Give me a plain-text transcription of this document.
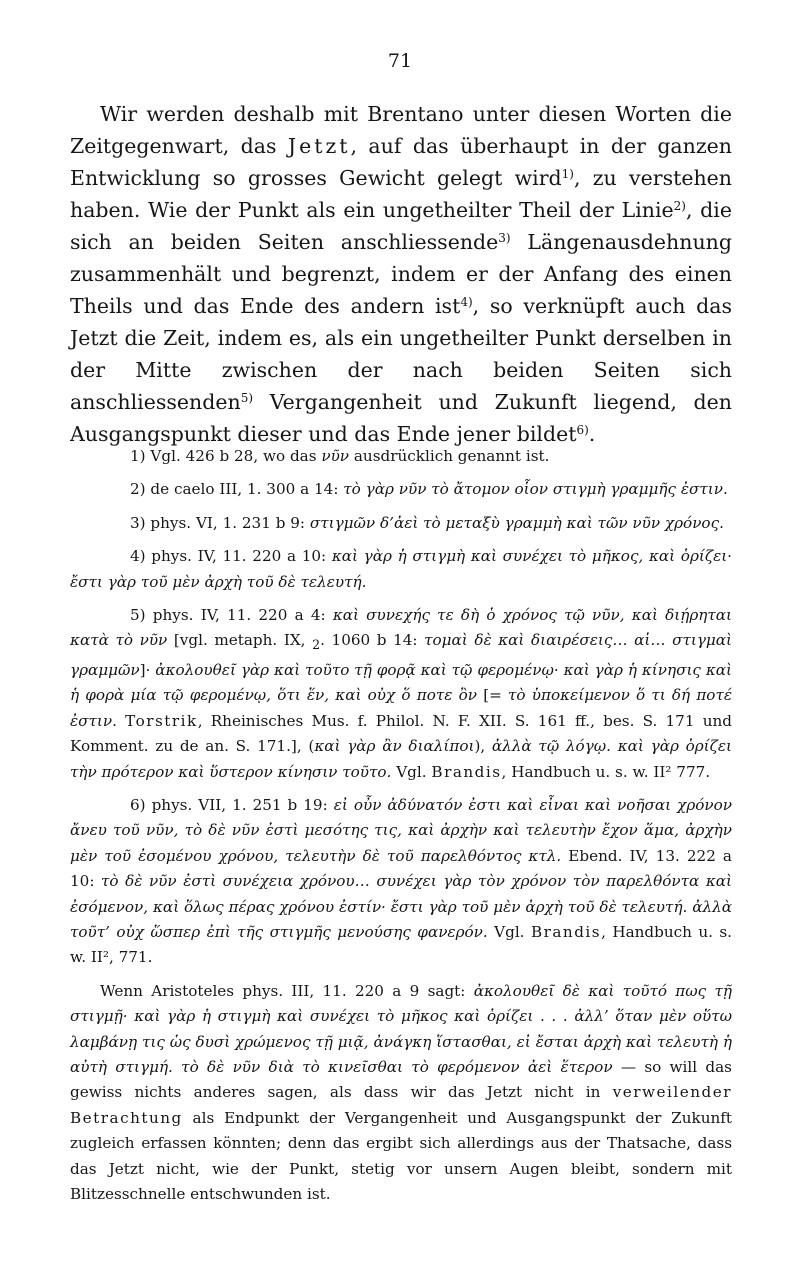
71

Wir werden deshalb mit Brentano unter diesen Worten die Zeitgegenwart, das Jetzt, auf das überhaupt in der ganzen Entwicklung so grosses Gewicht gelegt wird$^{1)}$, zu verstehen haben. Wie der Punkt als ein ungetheilter Theil der Linie$^{2)}$, die sich an beiden Seiten anschliessende$^{3)}$ Längenausdehnung zusammenhält und begrenzt, indem er der Anfang des einen Theils und das Ende des andern ist$^{4)}$, so verknüpft auch das Jetzt die Zeit, indem es, als ein ungetheilter Punkt derselben in der Mitte zwischen der nach beiden Seiten sich anschliessenden$^{5)}$ Vergangenheit und Zukunft liegend, den Ausgangspunkt dieser und das Ende jener bildet$^{6)}$.

1) Vgl. 426 b 28, wo das νῦν ausdrücklich genannt ist.

2) de caelo III, 1. 300 a 14: τὸ γὰρ νῦν τὸ ἄτομον οἷον στιγμὴ γραμμῆς ἐστιν.

3) phys. VI, 1. 231 b 9: στιγμῶν δ’ἀεὶ τὸ μεταξὺ γραμμὴ καὶ τῶν νῦν χρόνος.

4) phys. IV, 11. 220 a 10: καὶ γὰρ ἡ στιγμὴ καὶ συνέχει τὸ μῆκος, καὶ ὁρίζει· ἔστι γὰρ τοῦ μὲν ἀρχὴ τοῦ δὲ τελευτή.

5) phys. IV, 11. 220 a 4: καὶ συνεχής τε δὴ ὁ χρόνος τῷ νῦν, καὶ διῄρηται κατὰ τὸ νῦν [vgl. metaph. IX, $_2$. 1060 b 14: τομαὶ δὲ καὶ διαιρέσεις… αἱ… στιγμαὶ γραμμῶν]· ἀκολουθεῖ γὰρ καὶ τοῦτο τῇ φορᾷ καὶ τῷ φερομένῳ· καὶ γὰρ ἡ κίνησις καὶ ἡ φορὰ μία τῷ φερομένῳ, ὅτι ἕν, καὶ οὐχ ὅ ποτε ὂν [= τὸ ὑποκείμενον ὅ τι δή ποτέ ἐστιν. Torstrik, Rheinisches Mus. f. Philol. N. F. XII. S. 161 ff., bes. S. 171 und Komment. zu de an. S. 171.], (καὶ γὰρ ἂν διαλίποι), ἀλλὰ τῷ λόγῳ. καὶ γὰρ ὁρίζει τὴν πρότερον καὶ ὕστερον κίνησιν τοῦτο. Vgl. Brandis, Handbuch u. s. w. II² 777.

6) phys. VII, 1. 251 b 19: εἰ οὖν ἀδύνατόν ἐστι καὶ εἶναι καὶ νοῆσαι χρόνον ἄνευ τοῦ νῦν, τὸ δὲ νῦν ἐστὶ μεσότης τις, καὶ ἀρχὴν καὶ τελευτὴν ἔχον ἅμα, ἀρχὴν μὲν τοῦ ἐσομένου χρόνου, τελευτὴν δὲ τοῦ παρελθόντος κτλ. Ebend. IV, 13. 222 a 10: τὸ δὲ νῦν ἐστὶ συνέχεια χρόνου… συνέχει γὰρ τὸν χρόνον τὸν παρελθόντα καὶ ἐσόμενον, καὶ ὅλως πέρας χρόνου ἐστίν· ἔστι γὰρ τοῦ μὲν ἀρχὴ τοῦ δὲ τελευτή. ἀλλὰ τοῦτ’ οὐχ ὥσπερ ἐπὶ τῆς στιγμῆς μενούσης φανερόν. Vgl. Brandis, Handbuch u. s. w. II², 771.

Wenn Aristoteles phys. III, 11. 220 a 9 sagt: ἀκολουθεῖ δὲ καὶ τοῦτό πως τῇ στιγμῇ· καὶ γὰρ ἡ στιγμὴ καὶ συνέχει τὸ μῆκος καὶ ὁρίζει . . . ἀλλ’ ὅταν μὲν οὕτω λαμβάνῃ τις ὡς δυσὶ χρώμενος τῇ μιᾷ, ἀνάγκη ἵστασθαι, εἰ ἔσται ἀρχὴ καὶ τελευτὴ ἡ αὐτὴ στιγμή. τὸ δὲ νῦν διὰ τὸ κινεῖσθαι τὸ φερόμενον ἀεὶ ἕτερον — so will das gewiss nichts anderes sagen, als dass wir das Jetzt nicht in verweilender Betrachtung als Endpunkt der Vergangenheit und Ausgangspunkt der Zukunft zugleich erfassen könnten; denn das ergibt sich allerdings aus der Thatsache, dass das Jetzt nicht, wie der Punkt, stetig vor unsern Augen bleibt, sondern mit Blitzesschnelle entschwunden ist.
